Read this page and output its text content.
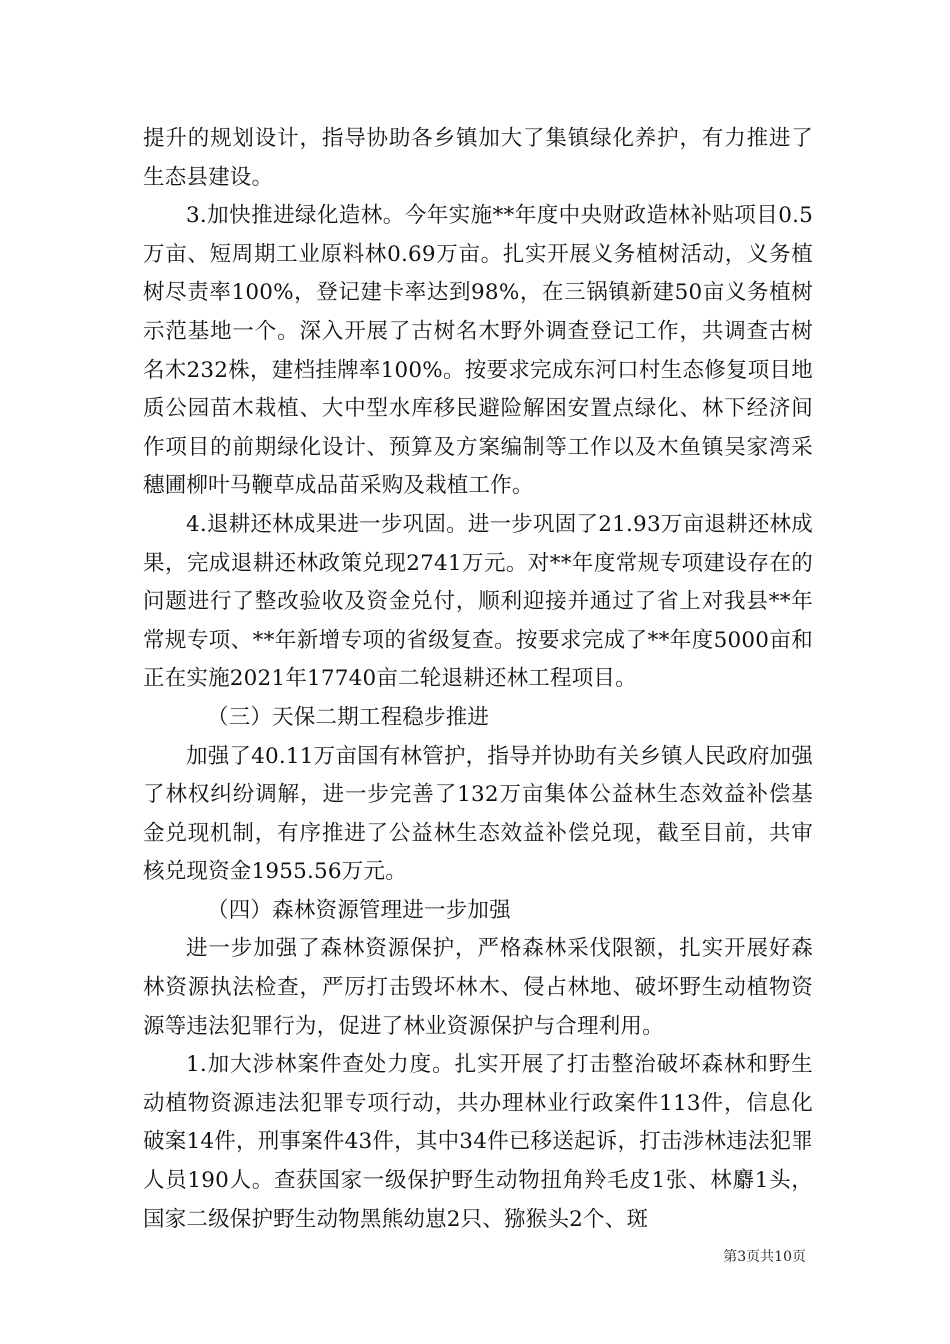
提升的规划设计，指导协助各乡镇加大了集镇绿化养护，有力推进了生态县建设。

3.加快推进绿化造林。今年实施**年度中央财政造林补贴项目0.5万亩、短周期工业原料林0.69万亩。扎实开展义务植树活动，义务植树尽责率100%，登记建卡率达到98%，在三锅镇新建50亩义务植树示范基地一个。深入开展了古树名木野外调查登记工作，共调查古树名木232株，建档挂牌率100%。按要求完成东河口村生态修复项目地质公园苗木栽植、大中型水库移民避险解困安置点绿化、林下经济间作项目的前期绿化设计、预算及方案编制等工作以及木鱼镇吴家湾采穗圃柳叶马鞭草成品苗采购及栽植工作。

4.退耕还林成果进一步巩固。进一步巩固了21.93万亩退耕还林成果，完成退耕还林政策兑现2741万元。对**年度常规专项建设存在的问题进行了整改验收及资金兑付，顺利迎接并通过了省上对我县**年常规专项、**年新增专项的省级复查。按要求完成了**年度5000亩和正在实施2021年17740亩二轮退耕还林工程项目。

（三）天保二期工程稳步推进

加强了40.11万亩国有林管护，指导并协助有关乡镇人民政府加强了林权纠纷调解，进一步完善了132万亩集体公益林生态效益补偿基金兑现机制，有序推进了公益林生态效益补偿兑现，截至目前，共审核兑现资金1955.56万元。

（四）森林资源管理进一步加强

进一步加强了森林资源保护，严格森林采伐限额，扎实开展好森林资源执法检查，严厉打击毁坏林木、侵占林地、破坏野生动植物资源等违法犯罪行为，促进了林业资源保护与合理利用。

1.加大涉林案件查处力度。扎实开展了打击整治破坏森林和野生动植物资源违法犯罪专项行动，共办理林业行政案件113件，信息化破案14件，刑事案件43件，其中34件已移送起诉，打击涉林违法犯罪人员190人。查获国家一级保护野生动物扭角羚毛皮1张、林麝1头，国家二级保护野生动物黑熊幼崽2只、猕猴头2个、斑

第3页共10页
